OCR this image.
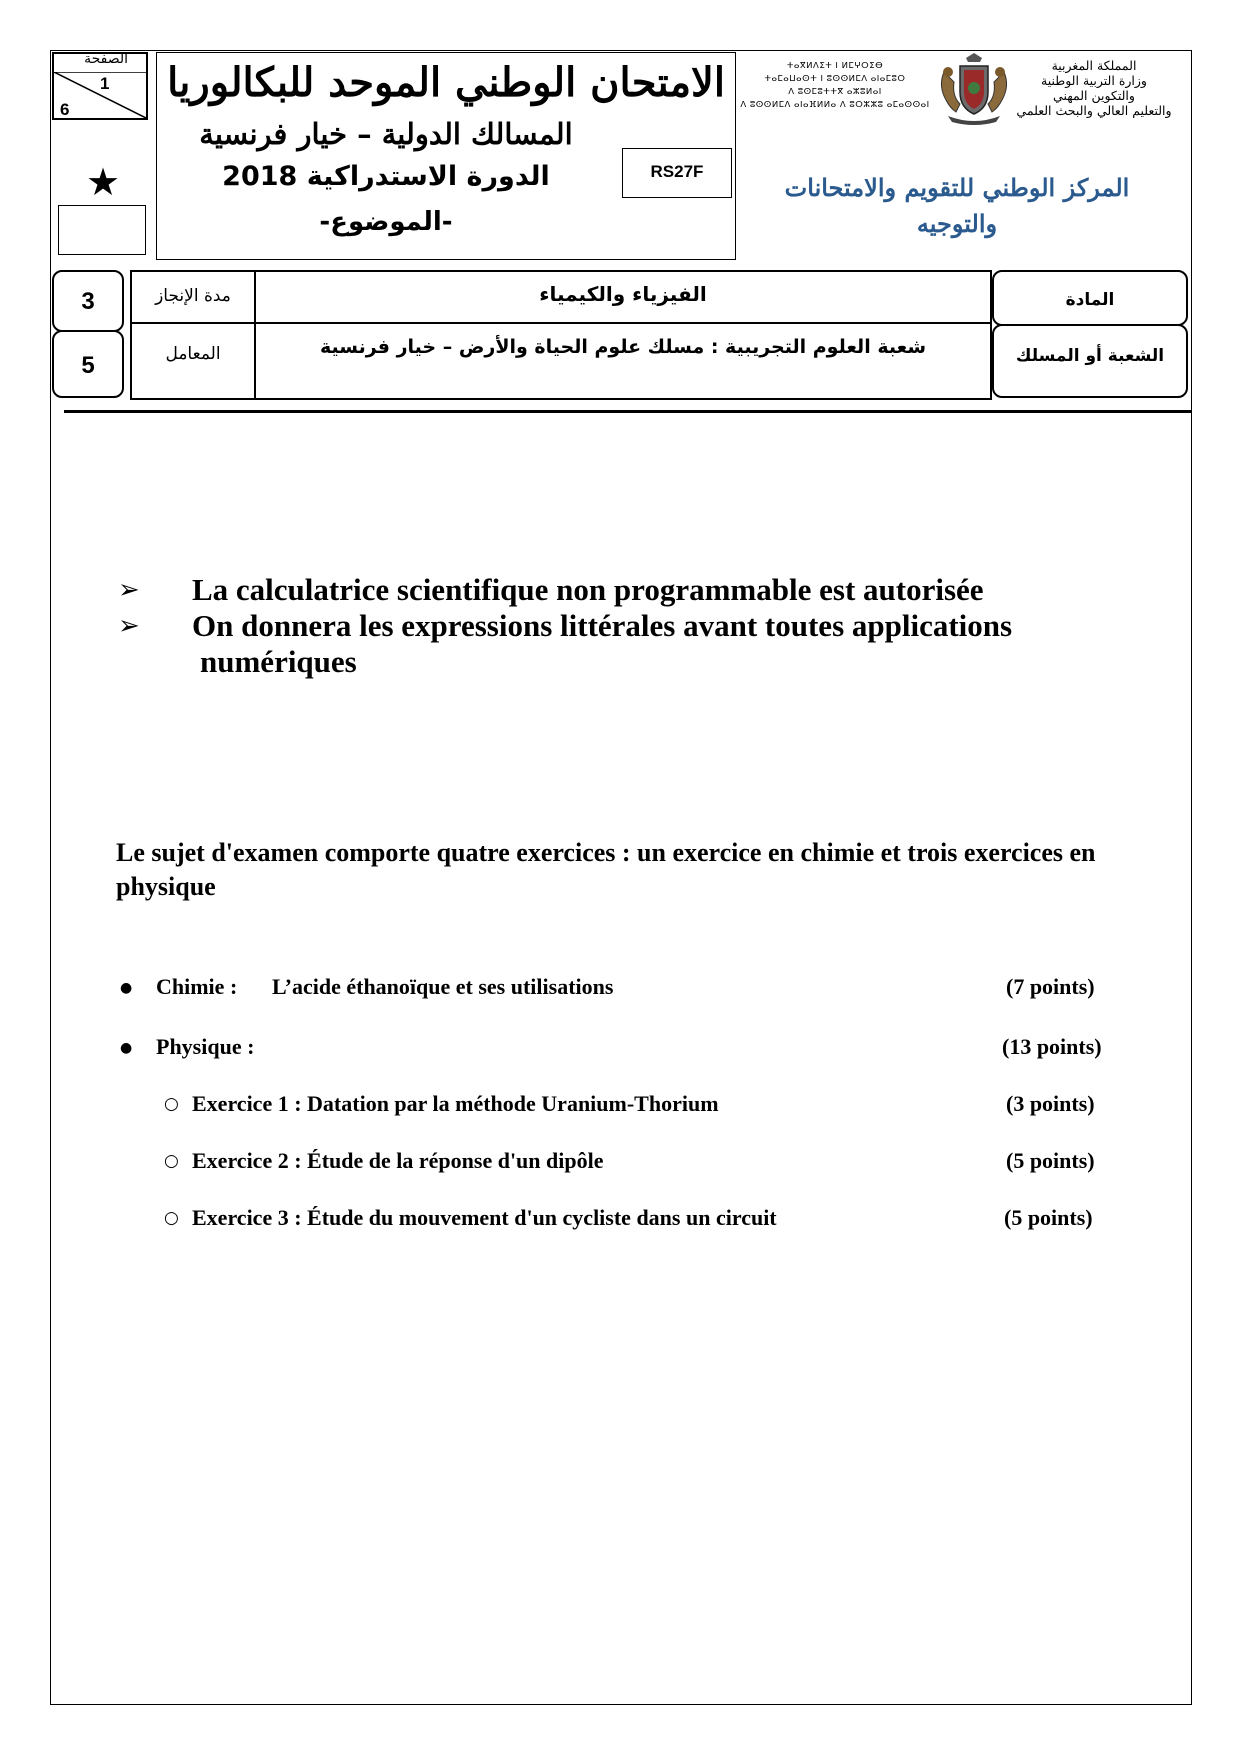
الصفحة
1
6
★
الامتحان الوطني الموحد للبكالوريا
المسالك الدولية – خيار فرنسية
الدورة الاستدراكية 2018
-الموضوع-
RS27F
ⵜⴰⴳⵍⴷⵉⵜ ⵏ ⵍⵎⵖⵔⵉⴱ
ⵜⴰⵎⴰⵡⴰⵙⵜ ⵏ ⵓⵙⵙⵍⵎⴷ ⴰⵏⴰⵎⵓⵔ
ⴷ ⵓⵙⵎⵓⵜⵜⴳ ⴰⵣⵓⵍⴰⵏ
ⴷ ⵓⵙⵙⵍⵎⴷ ⴰⵏⴰⴼⵍⵍⴰ ⴷ ⵓⵔⵣⵣⵓ ⴰⵎⴰⵙⵙⴰⵏ
المملكة المغربية
وزارة التربية الوطنية
والتكوين المهني
والتعليم العالي والبحث العلمي
المركز الوطني للتقويم والامتحانات والتوجيه
3
5
مدة الإنجاز
المعامل
الفيزياء والكيمياء
شعبة العلوم التجريبية : مسلك علوم الحياة والأرض – خيار فرنسية
المادة
الشعبة أو المسلك
➢ La calculatrice scientifique non programmable est autorisée
➢ On donnera les expressions littérales avant toutes applications
numériques
Le sujet d'examen comporte quatre exercices : un exercice en chimie et trois exercices en physique
● Chimie : L’acide éthanoïque et ses utilisations	(7 points)
● Physique :	(13 points)
○ Exercice 1 : Datation par la méthode Uranium-Thorium	(3 points)
○ Exercice 2 : Étude de la réponse d'un dipôle	(5 points)
○ Exercice 3 : Étude du mouvement d'un cycliste dans un circuit	(5 points)
